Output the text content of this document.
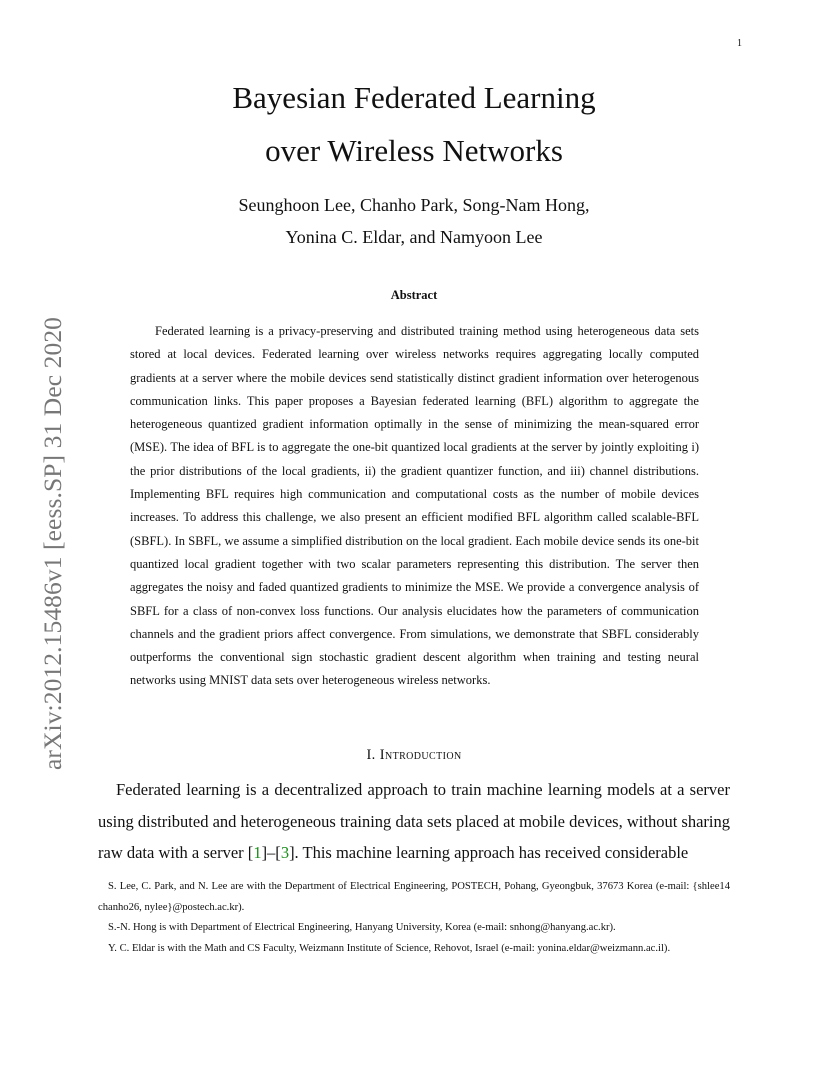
1
arXiv:2012.15486v1 [eess.SP] 31 Dec 2020
Bayesian Federated Learning
over Wireless Networks
Seunghoon Lee, Chanho Park, Song-Nam Hong,
Yonina C. Eldar, and Namyoon Lee
Abstract
Federated learning is a privacy-preserving and distributed training method using heterogeneous data sets stored at local devices. Federated learning over wireless networks requires aggregating locally computed gradients at a server where the mobile devices send statistically distinct gradient information over heterogenous communication links. This paper proposes a Bayesian federated learning (BFL) algorithm to aggregate the heterogeneous quantized gradient information optimally in the sense of minimizing the mean-squared error (MSE). The idea of BFL is to aggregate the one-bit quantized local gradients at the server by jointly exploiting i) the prior distributions of the local gradients, ii) the gradient quantizer function, and iii) channel distributions. Implementing BFL requires high communication and computational costs as the number of mobile devices increases. To address this challenge, we also present an efficient modified BFL algorithm called scalable-BFL (SBFL). In SBFL, we assume a simplified distribution on the local gradient. Each mobile device sends its one-bit quantized local gradient together with two scalar parameters representing this distribution. The server then aggregates the noisy and faded quantized gradients to minimize the MSE. We provide a convergence analysis of SBFL for a class of non-convex loss functions. Our analysis elucidates how the parameters of communication channels and the gradient priors affect convergence. From simulations, we demonstrate that SBFL considerably outperforms the conventional sign stochastic gradient descent algorithm when training and testing neural networks using MNIST data sets over heterogeneous wireless networks.
I. Introduction
Federated learning is a decentralized approach to train machine learning models at a server using distributed and heterogeneous training data sets placed at mobile devices, without sharing raw data with a server [1]–[3]. This machine learning approach has received considerable
S. Lee, C. Park, and N. Lee are with the Department of Electrical Engineering, POSTECH, Pohang, Gyeongbuk, 37673 Korea (e-mail: {shlee14 chanho26, nylee}@postech.ac.kr).
S.-N. Hong is with Department of Electrical Engineering, Hanyang University, Korea (e-mail: snhong@hanyang.ac.kr).
Y. C. Eldar is with the Math and CS Faculty, Weizmann Institute of Science, Rehovot, Israel (e-mail: yonina.eldar@weizmann.ac.il).
